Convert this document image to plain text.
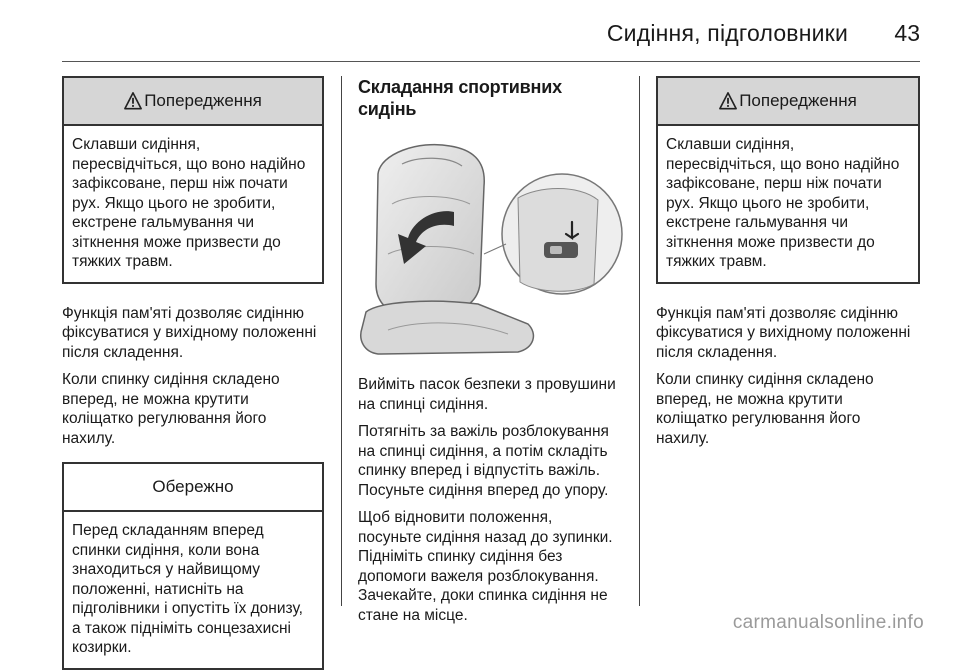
Сидіння, підголовники 43
Попередження
Склавши сидіння,
пересвідчіться, що воно надійно
зафіксоване, перш ніж почати
рух. Якщо цього не зробити,
екстрене гальмування чи
зіткнення може призвести до
тяжких травм.

Функція пам'яті дозволяє сидінню
фіксуватися у вихідному положенні
після складення.

Коли спинку сидіння складено
вперед, не можна крутити
коліщатко регулювання його
нахилу.

Обережно
Перед складанням вперед
спинки сидіння, коли вона
знаходиться у найвищому
положенні, натисніть на
підголівники і опустіть їх донизу,
а також підніміть сонцезахисні
козирки.
Складання спортивних сидінь

Вийміть пасок безпеки з провушини
на спинці сидіння.

Потягніть за важіль розблокування
на спинці сидіння, а потім складіть
спинку вперед і відпустіть важіль.
Посуньте сидіння вперед до упору.

Щоб відновити положення,
посуньте сидіння назад до зупинки.
Підніміть спинку сидіння без
допомоги важеля розблокування.
Зачекайте, доки спинка сидіння не
стане на місце.

Попередження
Склавши сидіння,
пересвідчіться, що воно надійно
зафіксоване, перш ніж почати
рух. Якщо цього не зробити,
екстрене гальмування чи
зіткнення може призвести до
тяжких травм.

Функція пам'яті дозволяє сидінню
фіксуватися у вихідному положенні
після складення.

Коли спинку сидіння складено
вперед, не можна крутити
коліщатко регулювання його
нахилу.

carmanualsonline.info
